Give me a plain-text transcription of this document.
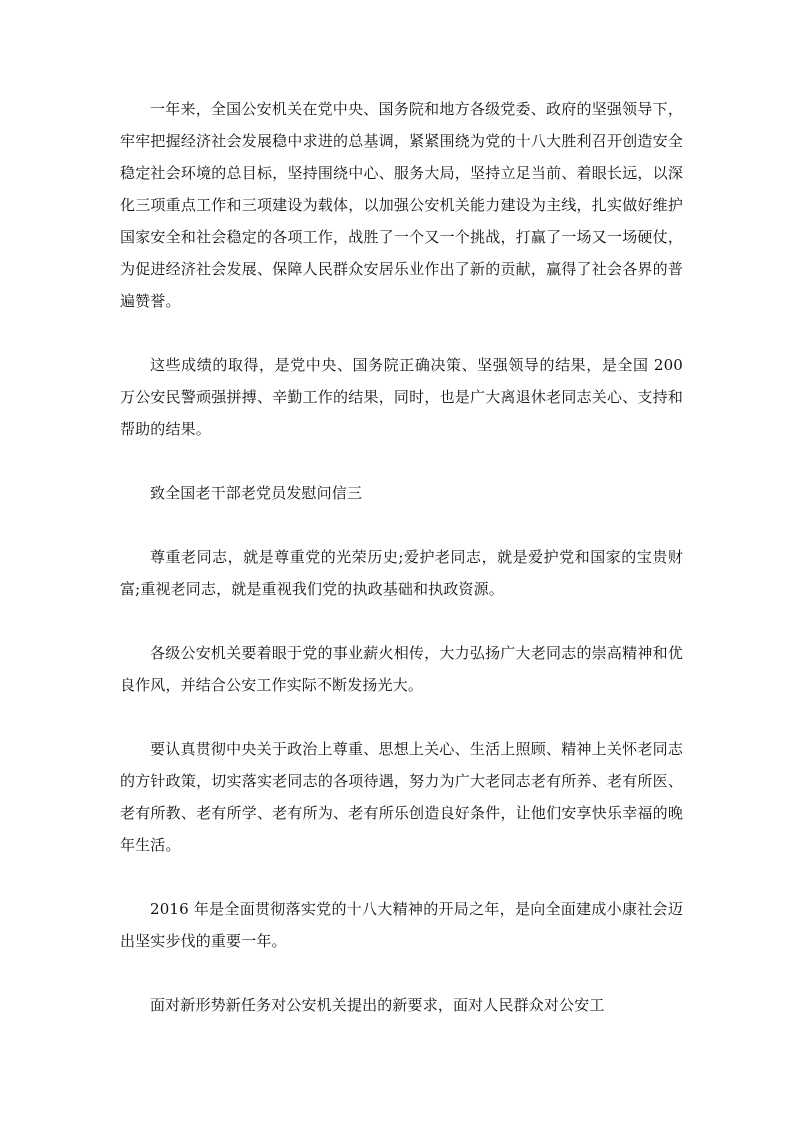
一年来，全国公安机关在党中央、国务院和地方各级党委、政府的坚强领导下，牢牢把握经济社会发展稳中求进的总基调，紧紧围绕为党的十八大胜利召开创造安全稳定社会环境的总目标，坚持围绕中心、服务大局，坚持立足当前、着眼长远，以深化三项重点工作和三项建设为载体，以加强公安机关能力建设为主线，扎实做好维护国家安全和社会稳定的各项工作，战胜了一个又一个挑战，打赢了一场又一场硬仗，为促进经济社会发展、保障人民群众安居乐业作出了新的贡献，赢得了社会各界的普遍赞誉。

这些成绩的取得，是党中央、国务院正确决策、坚强领导的结果，是全国 200 万公安民警顽强拼搏、辛勤工作的结果，同时，也是广大离退休老同志关心、支持和帮助的结果。

致全国老干部老党员发慰问信三

尊重老同志，就是尊重党的光荣历史;爱护老同志，就是爱护党和国家的宝贵财富;重视老同志，就是重视我们党的执政基础和执政资源。

各级公安机关要着眼于党的事业薪火相传，大力弘扬广大老同志的崇高精神和优良作风，并结合公安工作实际不断发扬光大。

要认真贯彻中央关于政治上尊重、思想上关心、生活上照顾、精神上关怀老同志的方针政策，切实落实老同志的各项待遇，努力为广大老同志老有所养、老有所医、老有所教、老有所学、老有所为、老有所乐创造良好条件，让他们安享快乐幸福的晚年生活。

2016 年是全面贯彻落实党的十八大精神的开局之年，是向全面建成小康社会迈出坚实步伐的重要一年。

面对新形势新任务对公安机关提出的新要求，面对人民群众对公安工
